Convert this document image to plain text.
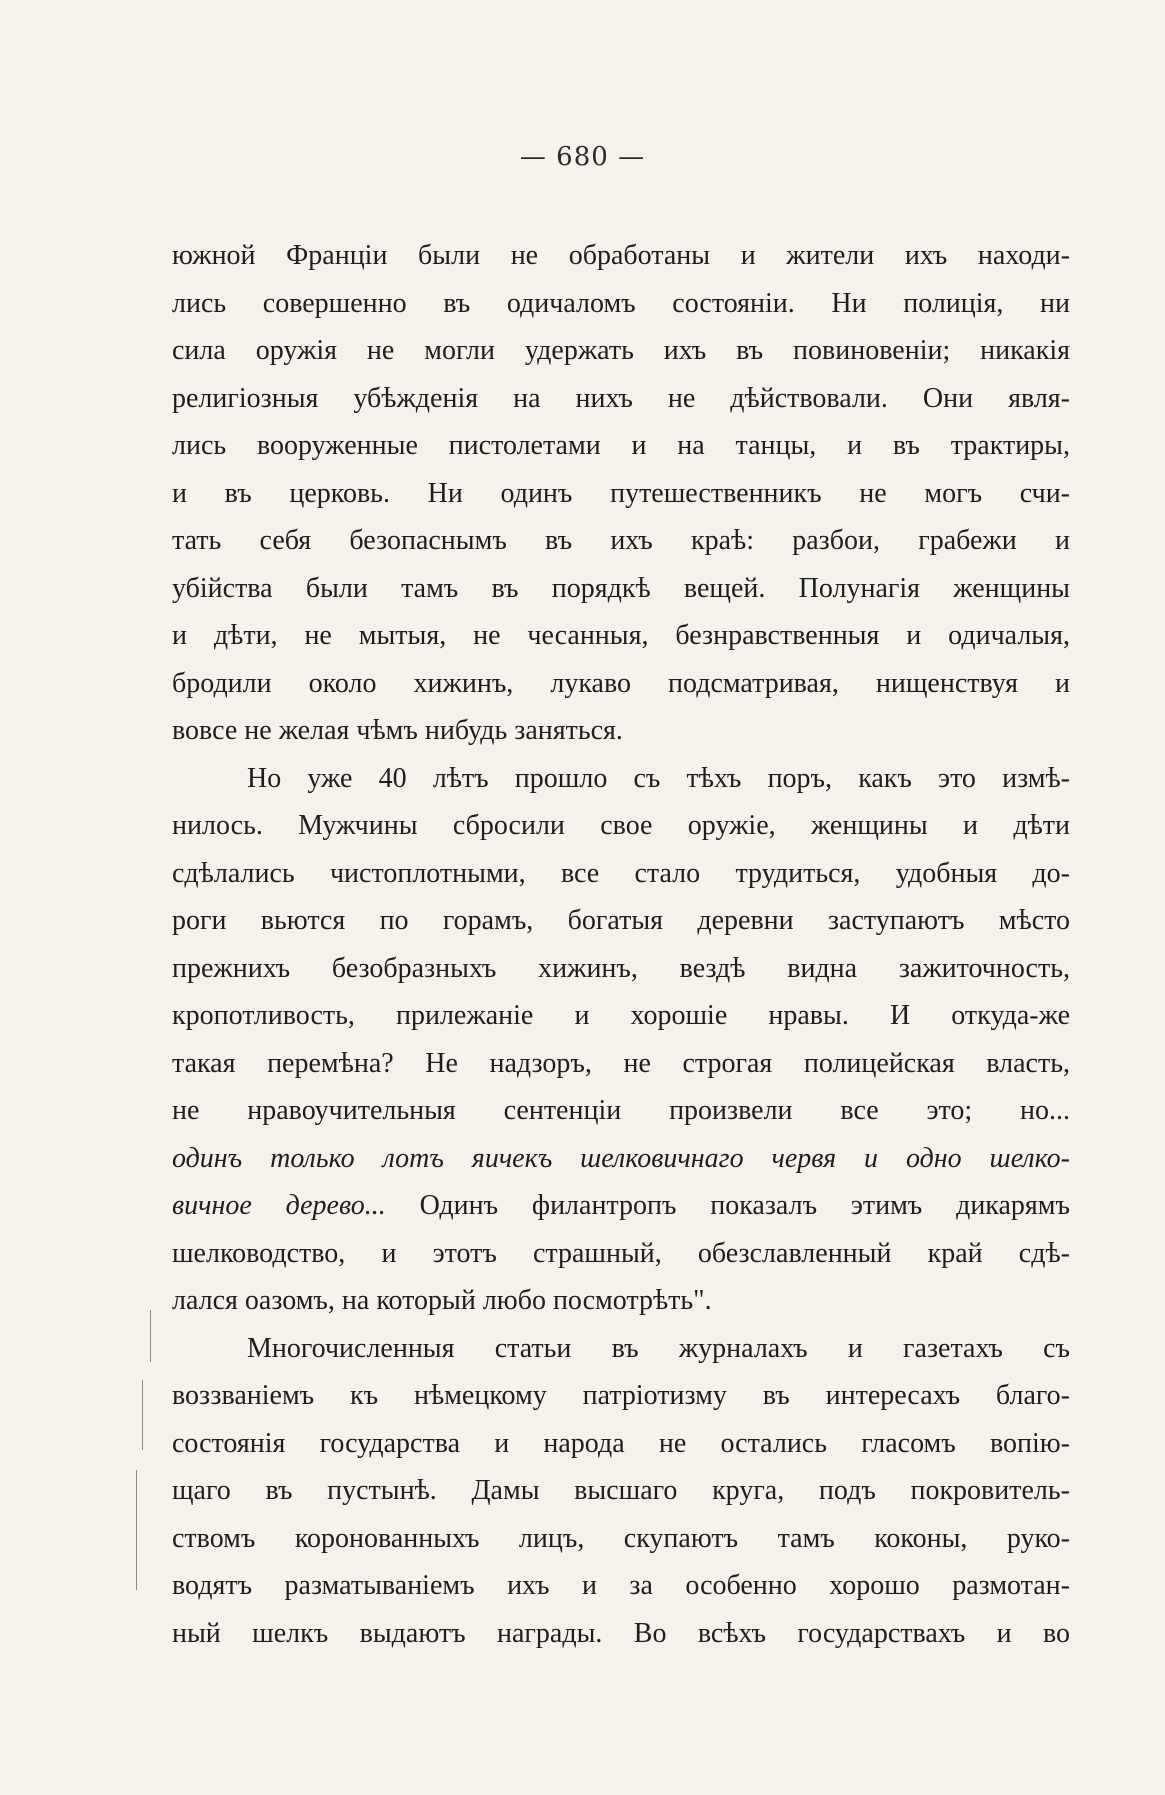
— 680 —
южной Франціи были не обработаны и жители ихъ находи-
лись совершенно въ одичаломъ состояніи. Ни полиція, ни
сила оружія не могли удержать ихъ въ повиновеніи; никакія
религіозныя убѣжденія на нихъ не дѣйствовали. Они явля-
лись вооруженные пистолетами и на танцы, и въ трактиры,
и въ церковь. Ни одинъ путешественникъ не могъ счи-
тать себя безопаснымъ въ ихъ краѣ: разбои, грабежи и
убійства были тамъ въ порядкѣ вещей. Полунагія женщины
и дѣти, не мытыя, не чесанныя, безнравственныя и одичалыя,
бродили около хижинъ, лукаво подсматривая, нищенствуя и
вовсе не желая чѣмъ нибудь заняться.
Но уже 40 лѣтъ прошло съ тѣхъ поръ, какъ это измѣ-
нилось. Мужчины сбросили свое оружіе, женщины и дѣти
сдѣлались чистоплотными, все стало трудиться, удобныя до-
роги вьются по горамъ, богатыя деревни заступаютъ мѣсто
прежнихъ безобразныхъ хижинъ, вездѣ видна зажиточность,
кропотливость, прилежаніе и хорошіе нравы. И откуда-же
такая перемѣна? Не надзоръ, не строгая полицейская власть,
не нравоучительныя сентенціи произвели все это; но...
одинъ только лотъ яичекъ шелковичнаго червя и одно шелко-
вичное дерево... Одинъ филантропъ показалъ этимъ дикарямъ
шелководство, и этотъ страшный, обезславленный край сдѣ-
лался оазомъ, на который любо посмотрѣть".
Многочисленныя статьи въ журналахъ и газетахъ съ
воззваніемъ къ нѣмецкому патріотизму въ интересахъ благо-
состоянія государства и народа не остались гласомъ вопію-
щаго въ пустынѣ. Дамы высшаго круга, подъ покровитель-
ствомъ коронованныхъ лицъ, скупаютъ тамъ коконы, руко-
водятъ разматываніемъ ихъ и за особенно хорошо размотан-
ный шелкъ выдаютъ награды. Во всѣхъ государствахъ и во
